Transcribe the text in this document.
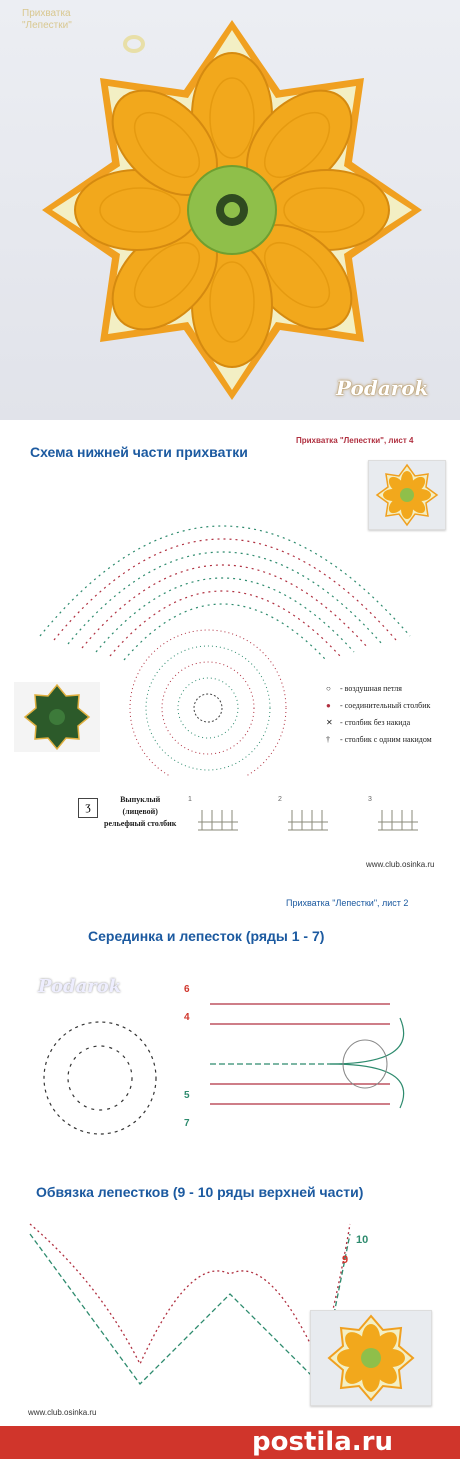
Прихватка
"Лепестки"
Podarok
Схема нижней части прихватки
Прихватка "Лепестки", лист 4
○	- воздушная петля
●	- соединительный столбик
✕ - столбик без накида
†	- столбик с одним накидом
ʒ	Выпуклый
(лицевой)
рельефный столбик
1	2	3
www.club.osinka.ru
Прихватка "Лепестки", лист 2
Серединка и лепесток (ряды 1 - 7)
Podarok	6
4
5
7
Обвязка лепестков (9 - 10 ряды верхней части)
10
9
www.club.osinka.ru
postila.ru
